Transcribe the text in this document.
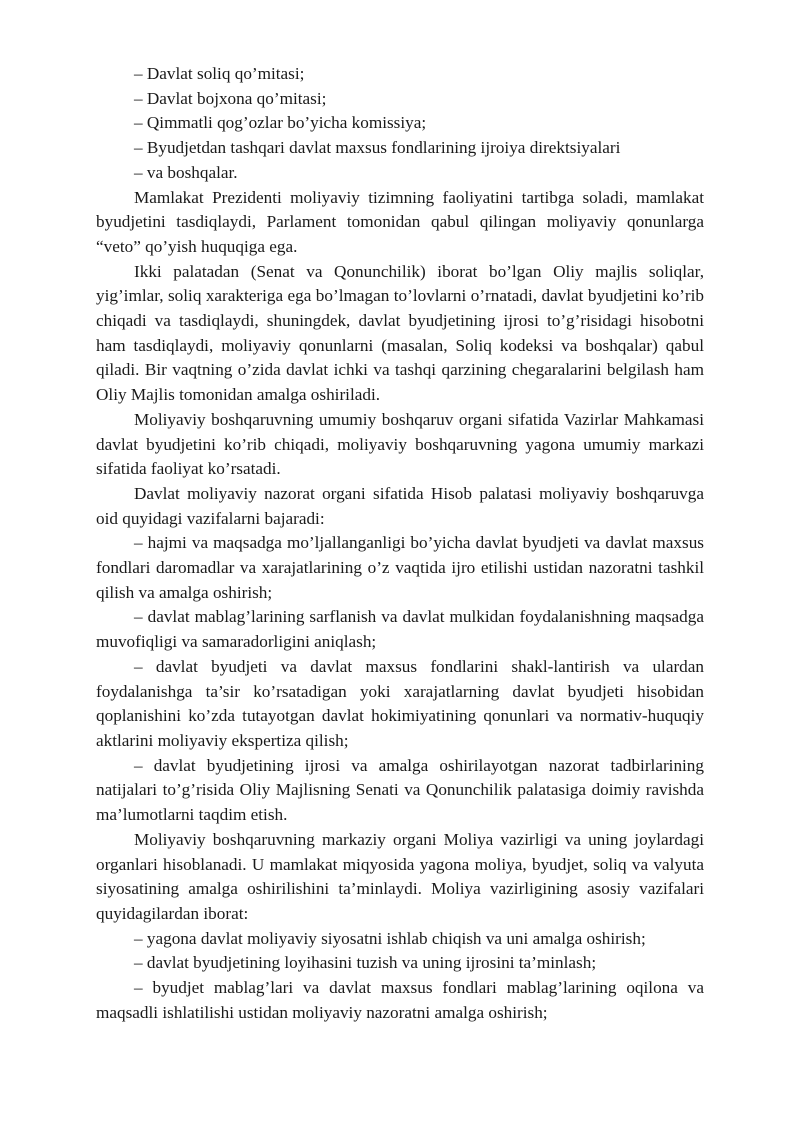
– Davlat soliq qo’mitasi;

– Davlat bojxona qo’mitasi;

– Qimmatli qog’ozlar bo’yicha komissiya;

– Byudjetdan tashqari davlat maxsus fondlarining ijroiya direktsiyalari

– va boshqalar.

Mamlakat Prezidenti moliyaviy tizimning faoliyatini tartibga soladi, mamlakat byudjetini tasdiqlaydi, Parlament tomonidan qabul qilingan moliyaviy qonunlarga “veto” qo’yish huquqiga ega.

Ikki palatadan (Senat va Qonunchilik) iborat bo’lgan Oliy majlis soliqlar, yig’imlar, soliq xarakteriga ega bo’lmagan to’lovlarni o’rnatadi, davlat byudjetini ko’rib chiqadi va tasdiqlaydi, shuningdek, davlat byudjetining ijrosi to’g’risidagi hisobotni ham tasdiqlaydi, moliyaviy qonunlarni (masalan, Soliq kodeksi va boshqalar) qabul qiladi. Bir vaqtning o’zida davlat ichki va tashqi qarzining chegaralarini belgilash ham Oliy Majlis tomonidan amalga oshiriladi.

Moliyaviy boshqaruvning umumiy boshqaruv organi sifatida Vazirlar Mahkamasi davlat byudjetini ko’rib chiqadi, moliyaviy boshqaruvning yagona umumiy markazi sifatida faoliyat ko’rsatadi.

Davlat moliyaviy nazorat organi sifatida Hisob palatasi moliyaviy boshqaruvga oid quyidagi vazifalarni bajaradi:

– hajmi va maqsadga mo’ljallanganligi bo’yicha davlat byudjeti va davlat maxsus fondlari daromadlar va xarajatlarining o’z vaqtida ijro etilishi ustidan nazoratni tashkil qilish va amalga oshirish;

– davlat mablag’larining sarflanish va davlat mulkidan foydalanishning maqsadga muvofiqligi va samaradorligini aniqlash;

– davlat byudjeti va davlat maxsus fondlarini shakl-lantirish va ulardan foydalanishga ta’sir ko’rsatadigan yoki xarajatlarning davlat byudjeti hisobidan qoplanishini ko’zda tutayotgan davlat hokimiyatining qonunlari va normativ-huquqiy aktlarini moliyaviy ekspertiza qilish;

– davlat byudjetining ijrosi va amalga oshirilayotgan nazorat tadbirlarining natijalari to’g’risida Oliy Majlisning Senati va Qonunchilik palatasiga doimiy ravishda ma’lumotlarni taqdim etish.

Moliyaviy boshqaruvning markaziy organi Moliya vazirligi va uning joylardagi organlari hisoblanadi. U mamlakat miqyosida yagona moliya, byudjet, soliq va valyuta siyosatining amalga oshirilishini ta’minlaydi. Moliya vazirligining asosiy vazifalari quyidagilardan iborat:

– yagona davlat moliyaviy siyosatni ishlab chiqish va uni amalga oshirish;

– davlat byudjetining loyihasini tuzish va uning ijrosini ta’minlash;

– byudjet mablag’lari va davlat maxsus fondlari mablag’larining oqilona va maqsadli ishlatilishi ustidan moliyaviy nazoratni amalga oshirish;
